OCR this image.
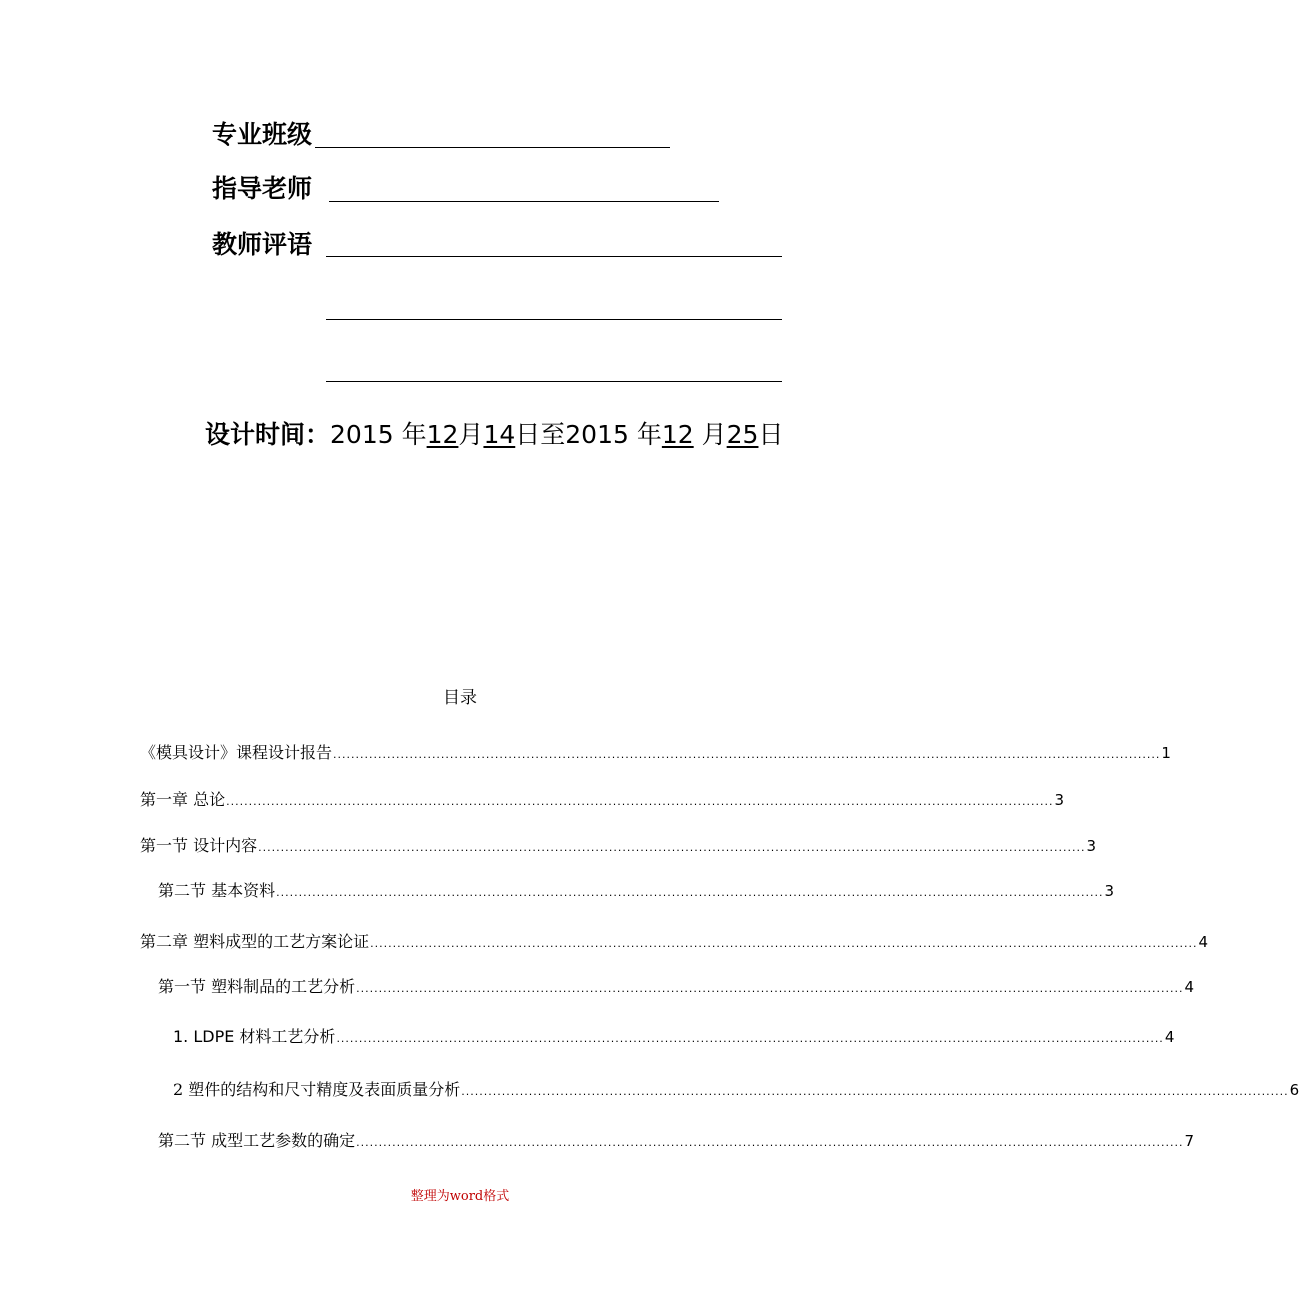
专业班级
指导老师
教师评语
设计时间：2015 年12月14日至2015 年12 月25日
目录
《模具设计》课程设计报告 ........................................................................................................................................................................................ 1
第一章 总论 ........................................................................................................................................................................................ 3
第一节 设计内容 ........................................................................................................................................................................................ 3
第二节 基本资料 ........................................................................................................................................................................................ 3
第二章 塑料成型的工艺方案论证 ........................................................................................................................................................................................ 4
第一节 塑料制品的工艺分析 ........................................................................................................................................................................................ 4
1. LDPE 材料工艺分析 ........................................................................................................................................................................................ 4
2 塑件的结构和尺寸精度及表面质量分析 ........................................................................................................................................................................................ 6
第二节 成型工艺参数的确定 ........................................................................................................................................................................................ 7
整理为word格式
